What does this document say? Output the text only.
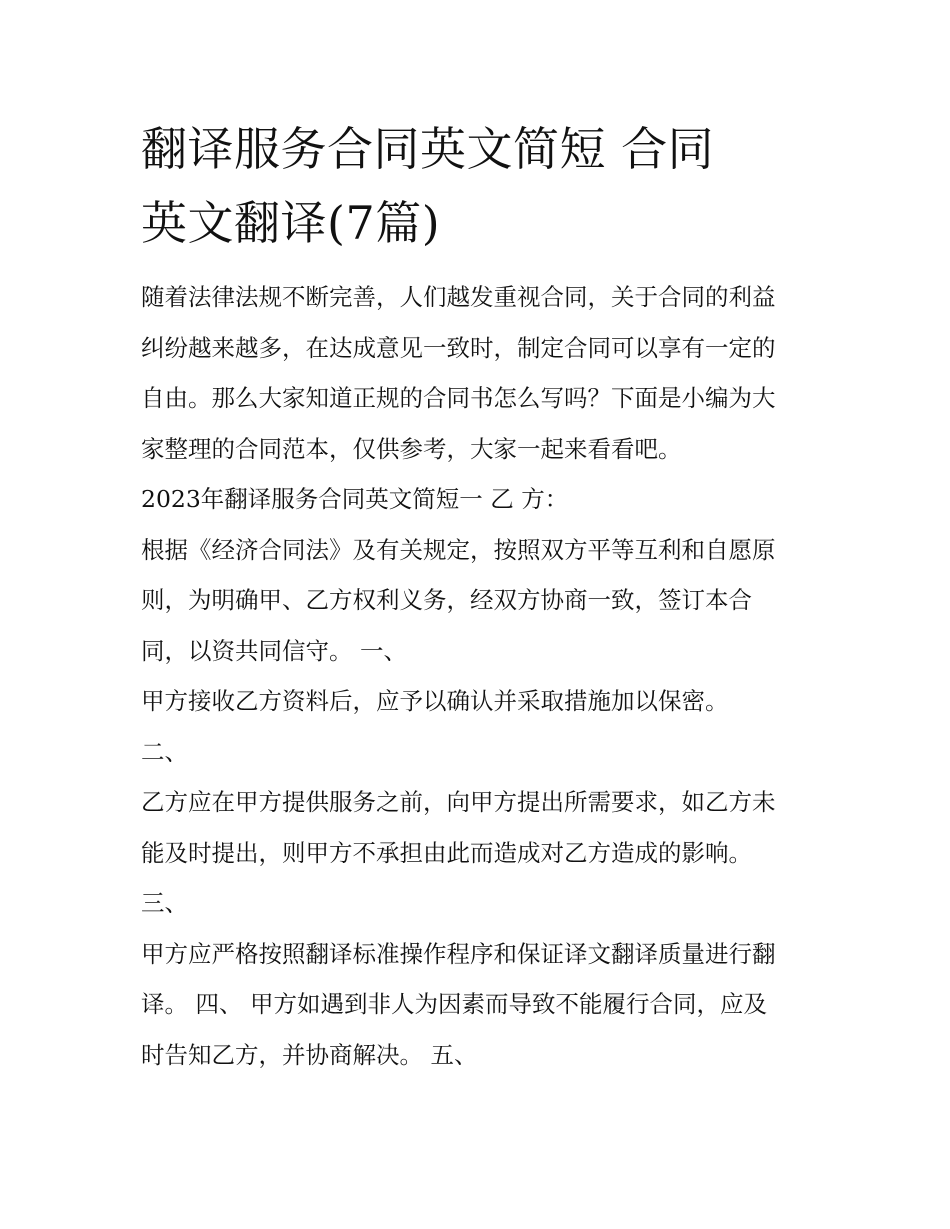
翻译服务合同英文简短 合同
英文翻译(7篇)
随着法律法规不断完善，人们越发重视合同，关于合同的利益
纠纷越来越多，在达成意见一致时，制定合同可以享有一定的
自由。那么大家知道正规的合同书怎么写吗？下面是小编为大
家整理的合同范本，仅供参考，大家一起来看看吧。
2023年翻译服务合同英文简短一 乙 方：
根据《经济合同法》及有关规定，按照双方平等互利和自愿原
则，为明确甲、乙方权利义务，经双方协商一致，签订本合
同，以资共同信守。 一、
甲方接收乙方资料后，应予以确认并采取措施加以保密。
二、
乙方应在甲方提供服务之前，向甲方提出所需要求，如乙方未
能及时提出，则甲方不承担由此而造成对乙方造成的影响。
三、
甲方应严格按照翻译标准操作程序和保证译文翻译质量进行翻
译。 四、 甲方如遇到非人为因素而导致不能履行合同，应及
时告知乙方，并协商解决。 五、
